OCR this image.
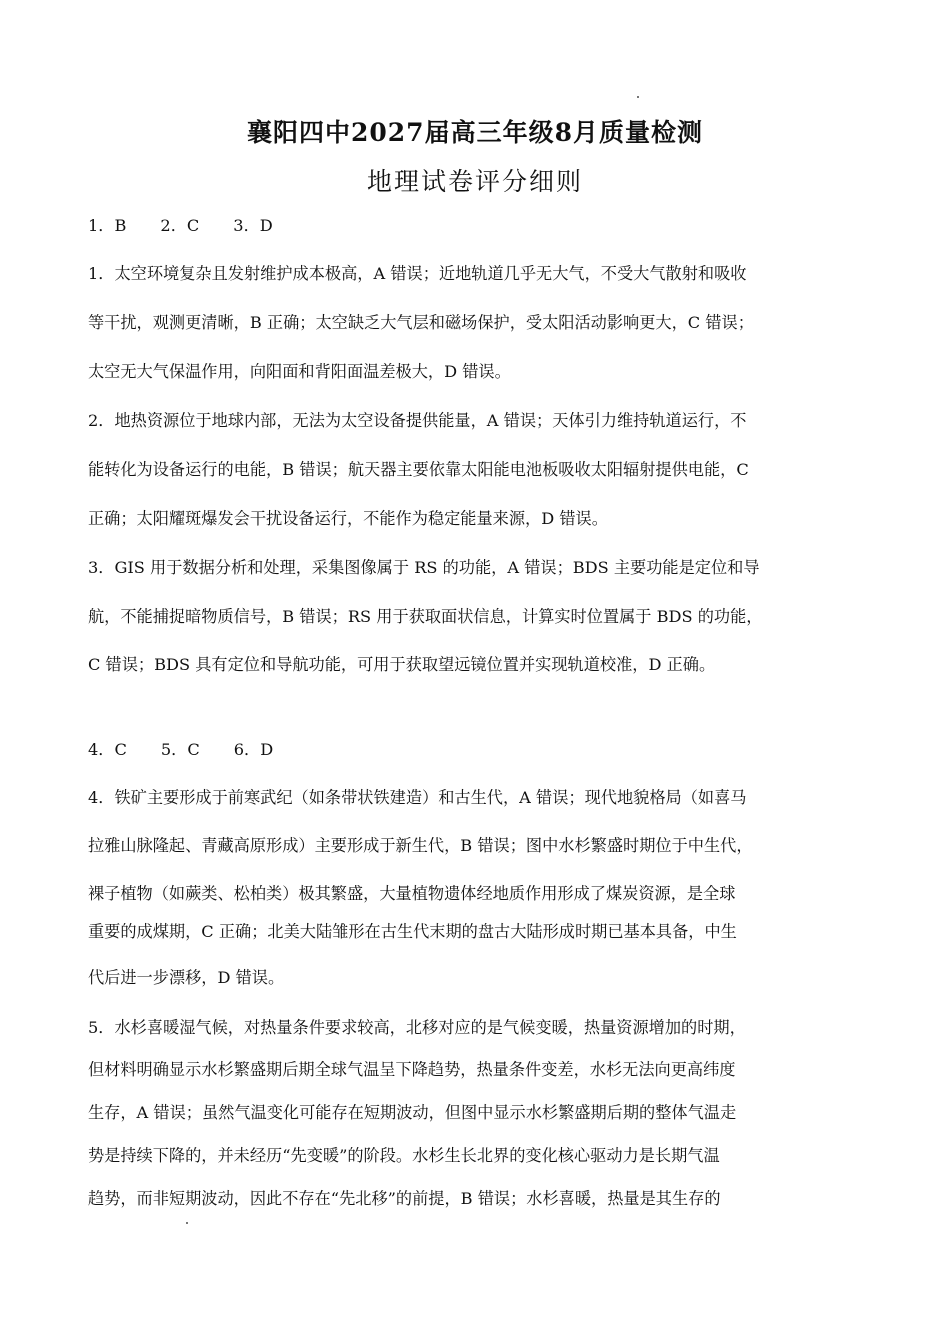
襄阳四中2027届高三年级8月质量检测
地理试卷评分细则
1．B 2．C 3．D
1．太空环境复杂且发射维护成本极高，A 错误；近地轨道几乎无大气，不受大气散射和吸收
等干扰，观测更清晰，B 正确；太空缺乏大气层和磁场保护，受太阳活动影响更大，C 错误；
太空无大气保温作用，向阳面和背阳面温差极大，D 错误。
2．地热资源位于地球内部，无法为太空设备提供能量，A 错误；天体引力维持轨道运行，不
能转化为设备运行的电能，B 错误；航天器主要依靠太阳能电池板吸收太阳辐射提供电能，C
正确；太阳耀斑爆发会干扰设备运行，不能作为稳定能量来源，D 错误。
3．GIS 用于数据分析和处理，采集图像属于 RS 的功能，A 错误；BDS 主要功能是定位和导
航，不能捕捉暗物质信号，B 错误；RS 用于获取面状信息，计算实时位置属于 BDS 的功能，
C 错误；BDS 具有定位和导航功能，可用于获取望远镜位置并实现轨道校准，D 正确。
4．C 5．C 6．D
4．铁矿主要形成于前寒武纪（如条带状铁建造）和古生代，A 错误；现代地貌格局（如喜马
拉雅山脉隆起、青藏高原形成）主要形成于新生代，B 错误；图中水杉繁盛时期位于中生代，
裸子植物（如蕨类、松柏类）极其繁盛，大量植物遗体经地质作用形成了煤炭资源，是全球
重要的成煤期，C 正确；北美大陆雏形在古生代末期的盘古大陆形成时期已基本具备，中生
代后进一步漂移，D 错误。
5．水杉喜暖湿气候，对热量条件要求较高，北移对应的是气候变暖，热量资源增加的时期，
但材料明确显示水杉繁盛期后期全球气温呈下降趋势，热量条件变差，水杉无法向更高纬度
生存，A 错误；虽然气温变化可能存在短期波动，但图中显示水杉繁盛期后期的整体气温走
势是持续下降的，并未经历“先变暖”的阶段。水杉生长北界的变化核心驱动力是长期气温
趋势，而非短期波动，因此不存在“先北移”的前提，B 错误；水杉喜暖，热量是其生存的
